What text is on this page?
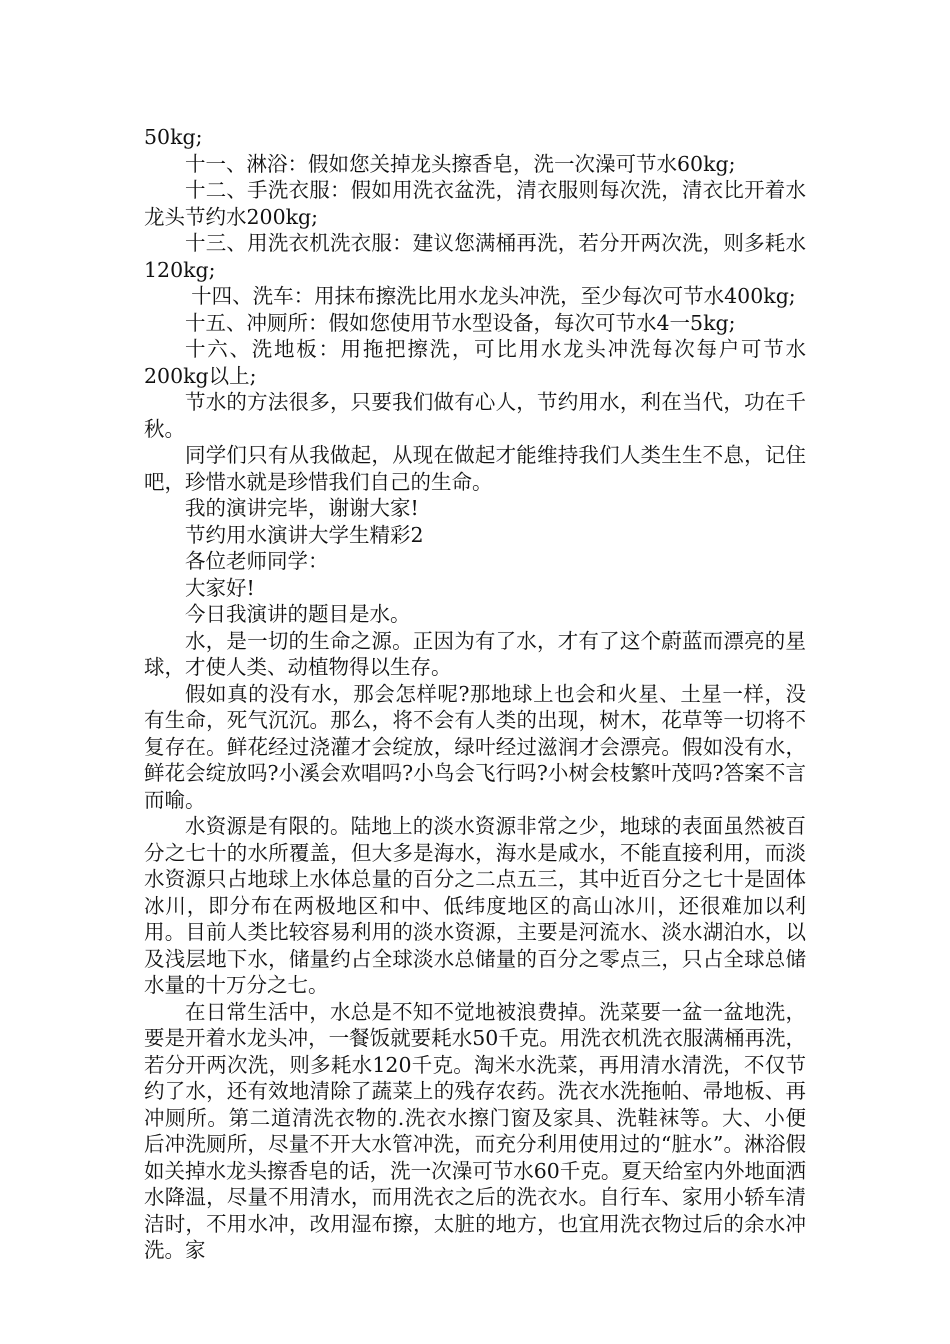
50kg;

十一、淋浴：假如您关掉龙头擦香皂，洗一次澡可节水60kg;

十二、手洗衣服：假如用洗衣盆洗，清衣服则每次洗，清衣比开着水龙头节约水200kg;

十三、用洗衣机洗衣服：建议您满桶再洗，若分开两次洗，则多耗水120kg;

十四、洗车：用抹布擦洗比用水龙头冲洗，至少每次可节水400kg;

十五、冲厕所：假如您使用节水型设备，每次可节水4一5kg;

十六、洗地板：用拖把擦洗，可比用水龙头冲洗每次每户可节水200kg以上;

节水的方法很多，只要我们做有心人，节约用水，利在当代，功在千秋。

同学们只有从我做起，从现在做起才能维持我们人类生生不息，记住吧，珍惜水就是珍惜我们自己的生命。

我的演讲完毕，谢谢大家!

节约用水演讲大学生精彩2

各位老师同学：

大家好!

今日我演讲的题目是水。

水，是一切的生命之源。正因为有了水，才有了这个蔚蓝而漂亮的星球，才使人类、动植物得以生存。

假如真的没有水，那会怎样呢?那地球上也会和火星、土星一样，没有生命，死气沉沉。那么，将不会有人类的出现，树木，花草等一切将不复存在。鲜花经过浇灌才会绽放，绿叶经过滋润才会漂亮。假如没有水，鲜花会绽放吗?小溪会欢唱吗?小鸟会飞行吗?小树会枝繁叶茂吗?答案不言而喻。

水资源是有限的。陆地上的淡水资源非常之少，地球的表面虽然被百分之七十的水所覆盖，但大多是海水，海水是咸水，不能直接利用，而淡水资源只占地球上水体总量的百分之二点五三，其中近百分之七十是固体冰川，即分布在两极地区和中、低纬度地区的高山冰川，还很难加以利用。目前人类比较容易利用的淡水资源，主要是河流水、淡水湖泊水，以及浅层地下水，储量约占全球淡水总储量的百分之零点三，只占全球总储水量的十万分之七。

在日常生活中，水总是不知不觉地被浪费掉。洗菜要一盆一盆地洗，要是开着水龙头冲，一餐饭就要耗水50千克。用洗衣机洗衣服满桶再洗，若分开两次洗，则多耗水120千克。淘米水洗菜，再用清水清洗，不仅节约了水，还有效地清除了蔬菜上的残存农药。洗衣水洗拖帕、帚地板、再冲厕所。第二道清洗衣物的.洗衣水擦门窗及家具、洗鞋袜等。大、小便后冲洗厕所，尽量不开大水管冲洗，而充分利用使用过的“脏水”。淋浴假如关掉水龙头擦香皂的话，洗一次澡可节水60千克。夏天给室内外地面洒水降温，尽量不用清水，而用洗衣之后的洗衣水。自行车、家用小轿车清洁时，不用水冲，改用湿布擦，太脏的地方，也宜用洗衣物过后的余水冲洗。家
